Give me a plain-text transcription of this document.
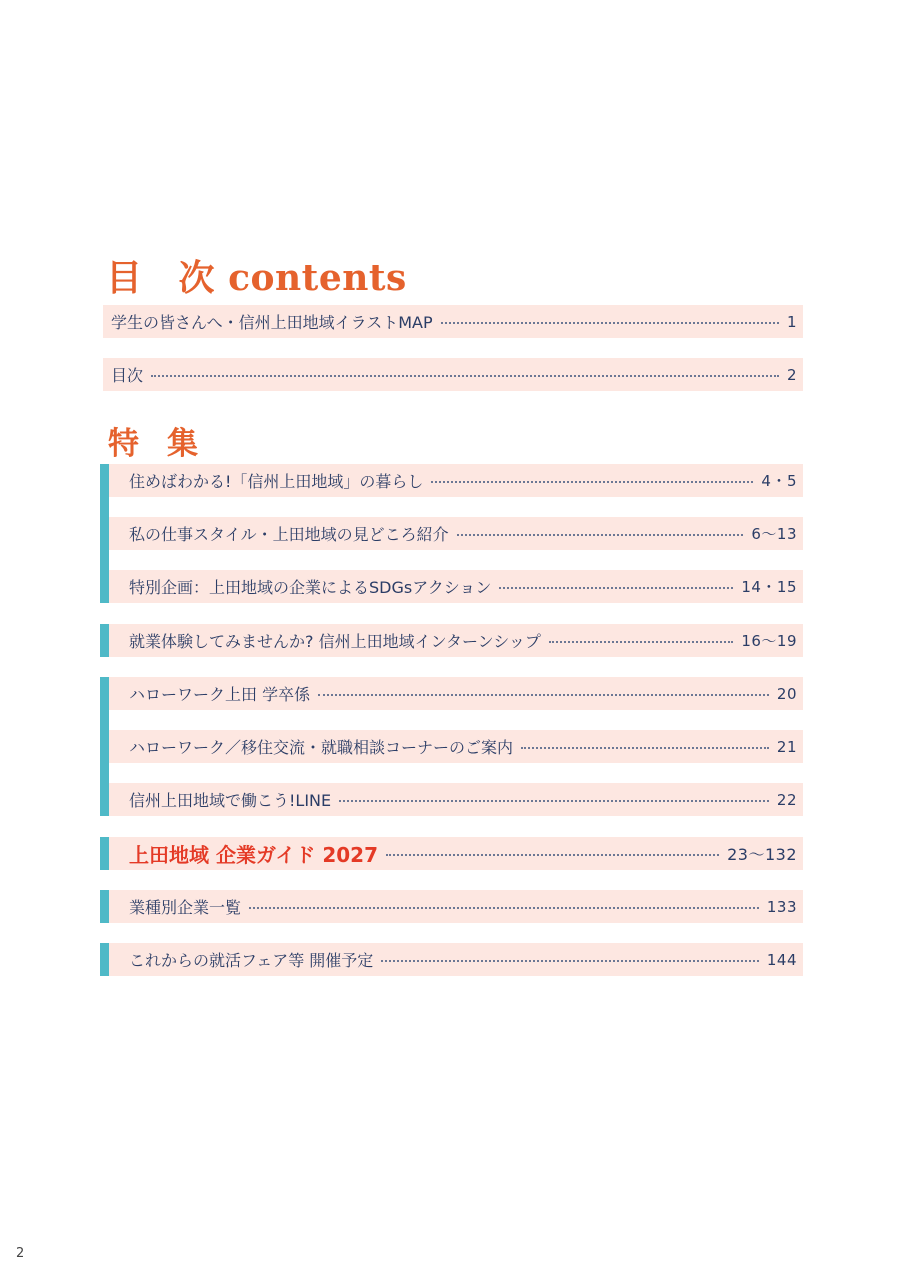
目 次 contents
学生の皆さんへ・信州上田地域イラストMAP	1
目次	2
特 集
住めばわかる!「信州上田地域」の暮らし	4・5
私の仕事スタイル・上田地域の見どころ紹介	6〜13
特別企画：上田地域の企業によるSDGsアクション	14・15
就業体験してみませんか? 信州上田地域インターンシップ	16〜19
ハローワーク上田 学卒係	20
ハローワーク／移住交流・就職相談コーナーのご案内	21
信州上田地域で働こう!LINE	22
上田地域 企業ガイド 2027	23〜132
業種別企業一覧	133
これからの就活フェア等 開催予定	144
2
